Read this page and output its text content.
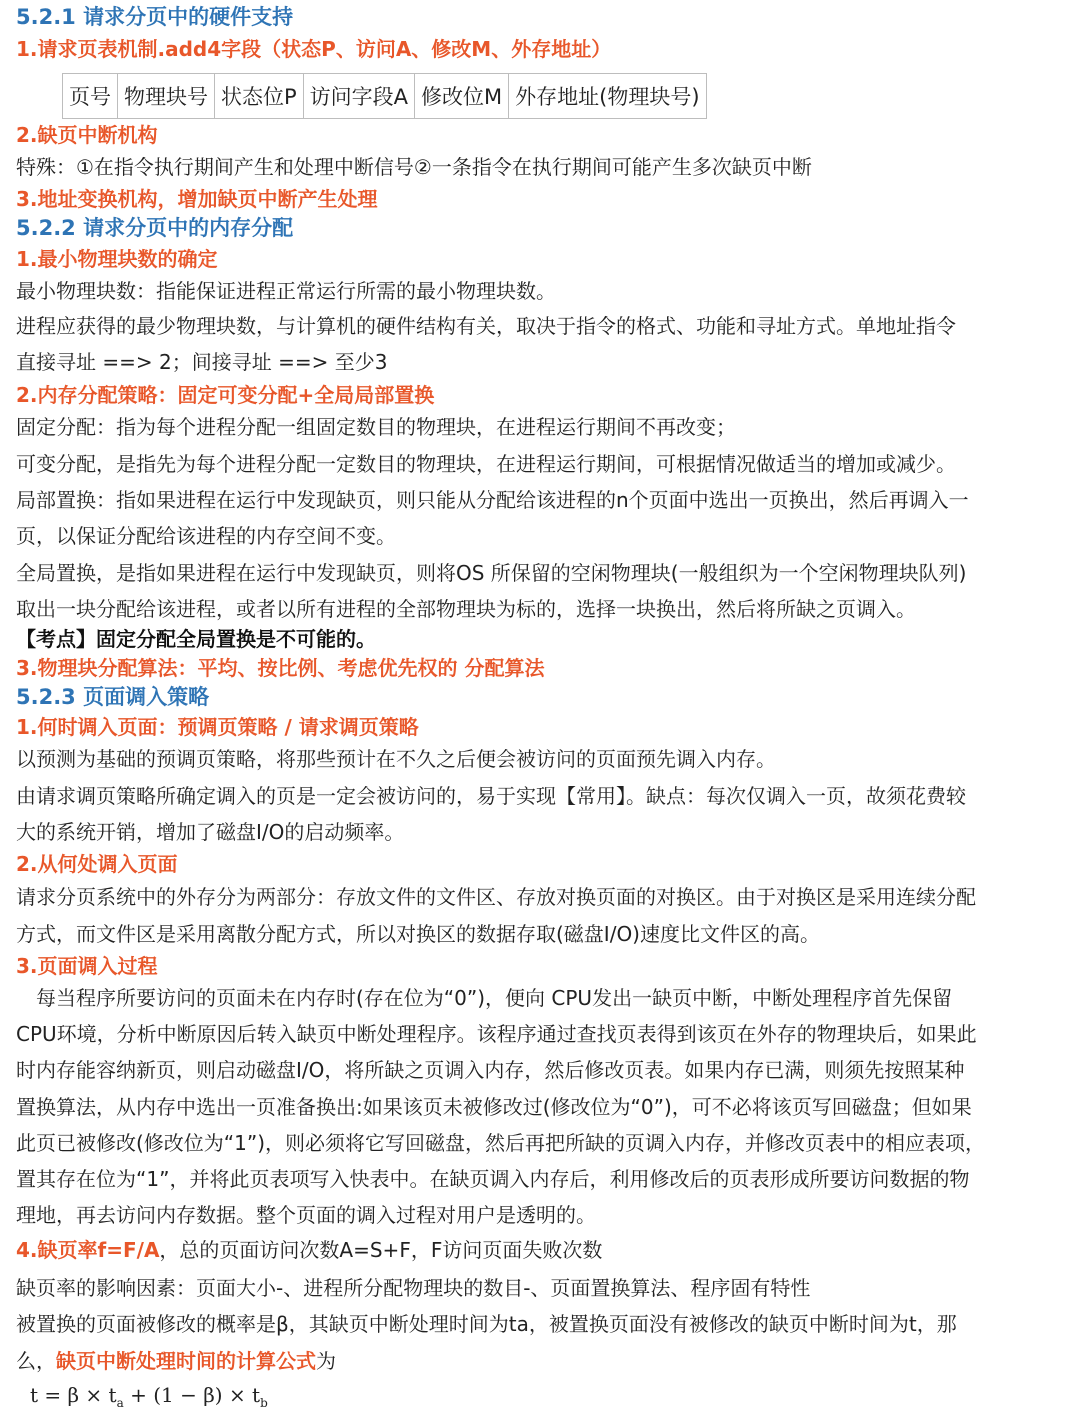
5.2.1 请求分页中的硬件支持
1.请求页表机制.add4字段（状态P、访问A、修改M、外存地址）
页号	物理块号	状态位P	访问字段A	修改位M	外存地址(物理块号)
2.缺页中断机构
特殊：①在指令执行期间产生和处理中断信号②一条指令在执行期间可能产生多次缺页中断
3.地址变换机构，增加缺页中断产生处理
5.2.2 请求分页中的内存分配
1.最小物理块数的确定
最小物理块数：指能保证进程正常运行所需的最小物理块数。
进程应获得的最少物理块数，与计算机的硬件结构有关，取决于指令的格式、功能和寻址方式。单地址指令
直接寻址 ==> 2；间接寻址 ==> 至少3
2.内存分配策略：固定可变分配+全局局部置换
固定分配：指为每个进程分配一组固定数目的物理块，在进程运行期间不再改变；
可变分配，是指先为每个进程分配一定数目的物理块，在进程运行期间，可根据情况做适当的增加或减少。
局部置换：指如果进程在运行中发现缺页，则只能从分配给该进程的n个页面中选出一页换出，然后再调入一
页，以保证分配给该进程的内存空间不变。
全局置换，是指如果进程在运行中发现缺页，则将OS 所保留的空闲物理块(一般组织为一个空闲物理块队列)
取出一块分配给该进程，或者以所有进程的全部物理块为标的，选择一块换出，然后将所缺之页调入。
【考点】固定分配全局置换是不可能的。
3.物理块分配算法：平均、按比例、考虑优先权的 分配算法
5.2.3 页面调入策略
1.何时调入页面：预调页策略 / 请求调页策略
以预测为基础的预调页策略，将那些预计在不久之后便会被访问的页面预先调入内存。
由请求调页策略所确定调入的页是一定会被访问的，易于实现【常用】。缺点：每次仅调入一页，故须花费较
大的系统开销，增加了磁盘I/O的启动频率。
2.从何处调入页面
请求分页系统中的外存分为两部分：存放文件的文件区、存放对换页面的对换区。由于对换区是采用连续分配
方式，而文件区是采用离散分配方式，所以对换区的数据存取(磁盘I/O)速度比文件区的高。
3.页面调入过程
　每当程序所要访问的页面未在内存时(存在位为“0”)，便向 CPU发出一缺页中断，中断处理程序首先保留
CPU环境，分析中断原因后转入缺页中断处理程序。该程序通过查找页表得到该页在外存的物理块后，如果此
时内存能容纳新页，则启动磁盘I/O，将所缺之页调入内存，然后修改页表。如果内存已满，则须先按照某种
置换算法，从内存中选出一页准备换出:如果该页未被修改过(修改位为“0”)，可不必将该页写回磁盘；但如果
此页已被修改(修改位为“1”)，则必须将它写回磁盘，然后再把所缺的页调入内存，并修改页表中的相应表项，
置其存在位为“1”，并将此页表项写入快表中。在缺页调入内存后，利用修改后的页表形成所要访问数据的物
理地，再去访问内存数据。整个页面的调入过程对用户是透明的。
4.缺页率f=F/A，总的页面访问次数A=S+F，F访问页面失败次数
缺页率的影响因素：页面大小-、进程所分配物理块的数目-、页面置换算法、程序固有特性
被置换的页面被修改的概率是β，其缺页中断处理时间为ta，被置换页面没有被修改的缺页中断时间为t，那
么，缺页中断处理时间的计算公式为
$t = \beta \times t_a + (1 - \beta) \times t_b$
